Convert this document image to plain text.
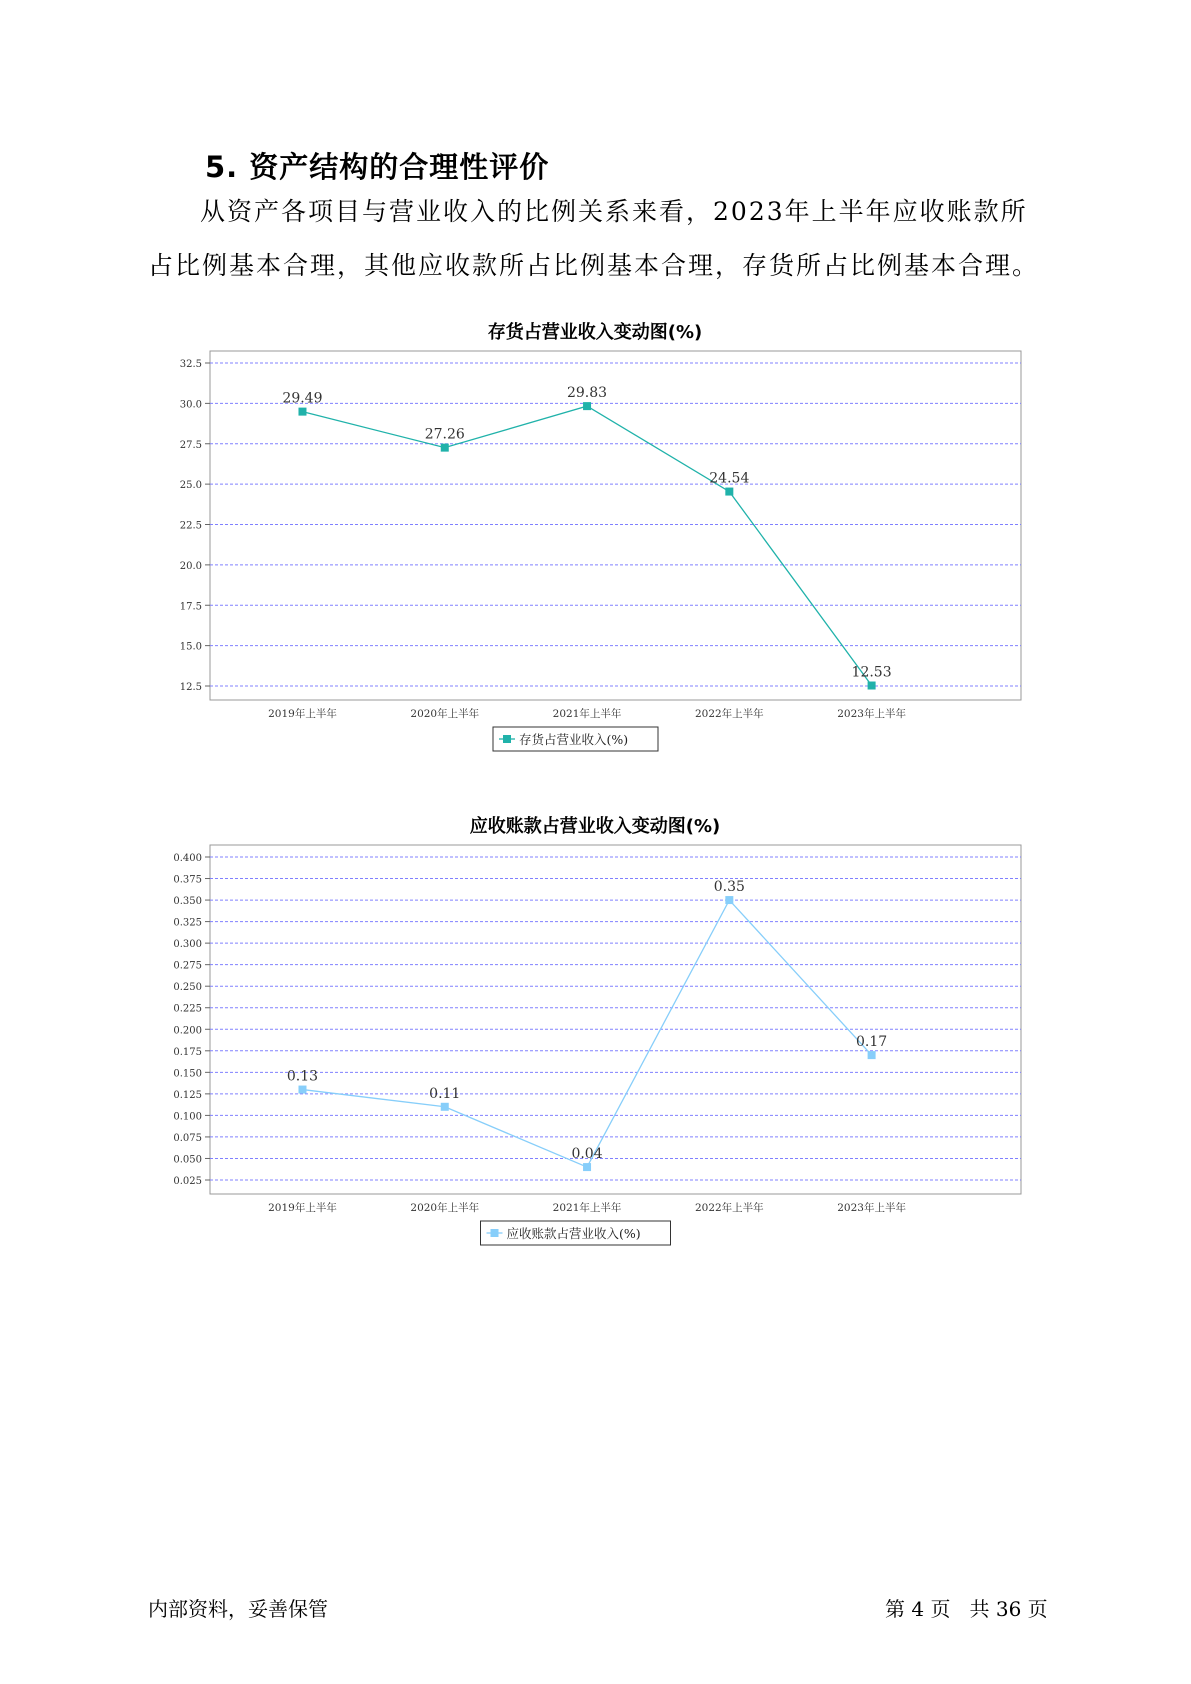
5. 资产结构的合理性评价
从资产各项目与营业收入的比例关系来看，2023年上半年应收账款所
占比例基本合理，其他应收款所占比例基本合理，存货所占比例基本合理。
存货占营业收入变动图(%)
12.5
15.0
17.5
20.0
22.5
25.0
27.5
30.0
32.5
2019年上半年	2020年上半年	2021年上半年	2022年上半年	2023年上半年
29.49
27.26
29.83
24.54
12.53
存货占营业收入(%)
应收账款占营业收入变动图(%)
0.025
0.050
0.075
0.100
0.125
0.150
0.175
0.200
0.225
0.250
0.275
0.300
0.325
0.350
0.375
0.400
2019年上半年	2020年上半年	2021年上半年	2022年上半年	2023年上半年
0.13
0.11
0.04
0.35
0.17
应收账款占营业收入(%)
内部资料，妥善保管	第 4 页   共 36 页
